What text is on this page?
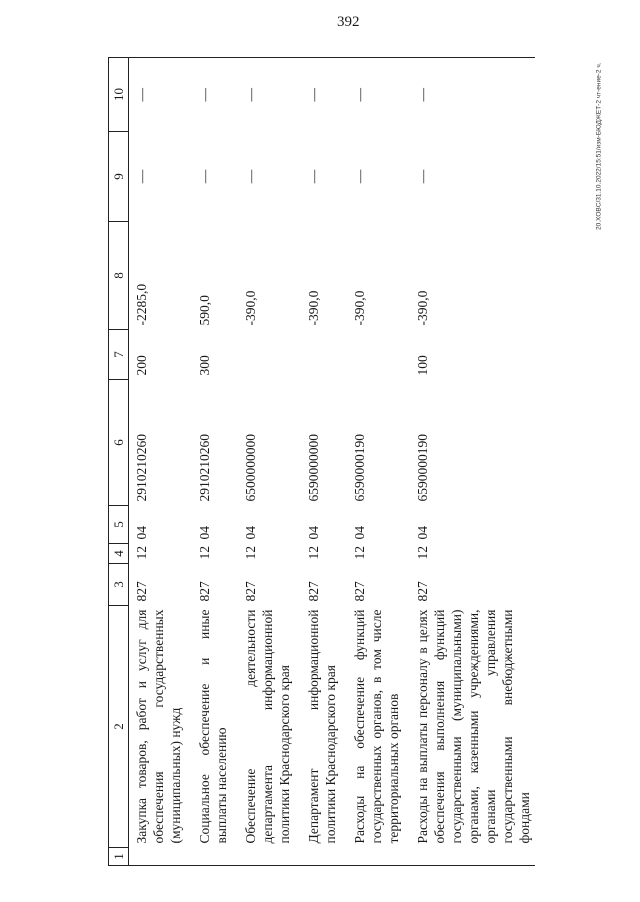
392
20.XOBC/31.10.2022/15:51/изм-БЮДЖЕТ-2 чт-ение-2 ч.
1	2	3	4	5	6	7	8	9	10
	Закупка товаров, работ и услуг для обеспечения государственных (муниципальных) нужд	827	12	04	2910210260	200	-2285,0	—	—
	Социальное обеспечение и иные выплаты населению	827	12	04	2910210260	300	590,0	—	—
	Обеспечение деятельности департамента информационной политики Краснодарского края	827	12	04	6500000000		-390,0	—	—
	Департамент информационной политики Краснодарского края	827	12	04	6590000000		-390,0	—	—
	Расходы на обеспечение функций государственных органов, в том числе территориальных органов	827	12	04	6590000190		-390,0	—	—
	Расходы на выплаты персоналу в целях обеспечения выполнения функций государственными (муниципальными) органами, казенными учреждениями, органами управления государственными внебюджетными фондами	827	12	04	6590000190	100	-390,0	—	—
